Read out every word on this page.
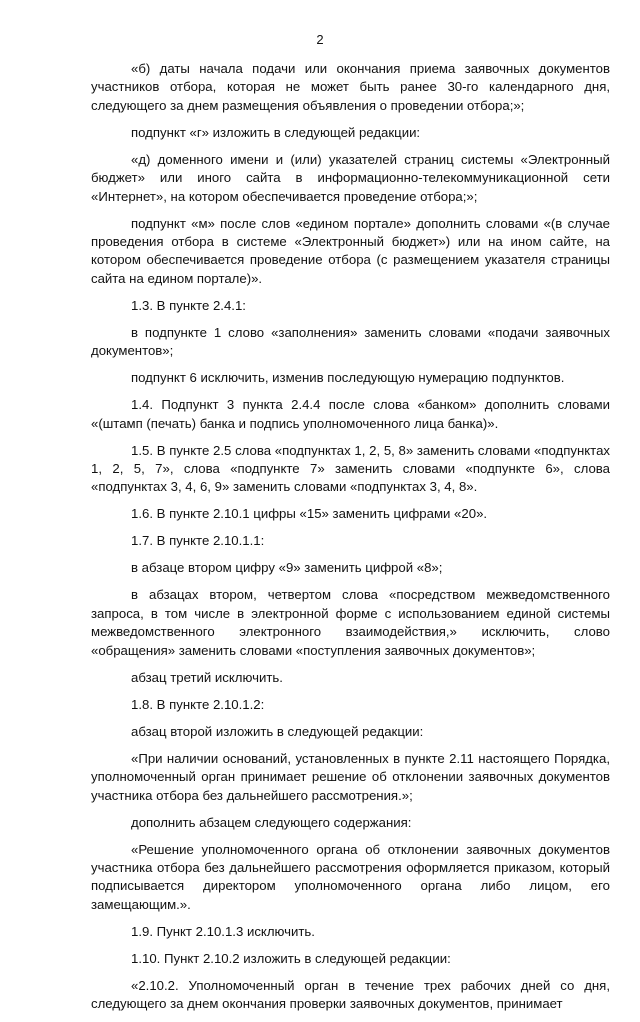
2

«б) даты начала подачи или окончания приема заявочных документов участников отбора, которая не может быть ранее 30-го календарного дня, следующего за днем размещения объявления о проведении отбора;»;

подпункт «г» изложить в следующей редакции:

«д) доменного имени и (или) указателей страниц системы «Электронный бюджет» или иного сайта в информационно-телекоммуникационной сети «Интернет», на котором обеспечивается проведение отбора;»;

подпункт «м» после слов «едином портале» дополнить словами «(в случае проведения отбора в системе «Электронный бюджет») или на ином сайте, на котором обеспечивается проведение отбора (с размещением указателя страницы сайта на едином портале)».

1.3. В пункте 2.4.1:

в подпункте 1 слово «заполнения» заменить словами «подачи заявочных документов»;

подпункт 6 исключить, изменив последующую нумерацию подпунктов.

1.4. Подпункт 3 пункта 2.4.4 после слова «банком» дополнить словами «(штамп (печать) банка и подпись уполномоченного лица банка)».

1.5. В пункте 2.5 слова «подпунктах 1, 2, 5, 8» заменить словами «подпунктах 1, 2, 5, 7», слова «подпункте 7» заменить словами «подпункте 6», слова «подпунктах 3, 4, 6, 9» заменить словами «подпунктах 3, 4, 8».

1.6. В пункте 2.10.1 цифры «15» заменить цифрами «20».

1.7. В пункте 2.10.1.1:

в абзаце втором цифру «9» заменить цифрой «8»;

в абзацах втором, четвертом слова «посредством межведомственного запроса, в том числе в электронной форме с использованием единой системы межведомственного электронного взаимодействия,» исключить, слово «обращения» заменить словами «поступления заявочных документов»;

абзац третий исключить.

1.8. В пункте 2.10.1.2:

абзац второй изложить в следующей редакции:

«При наличии оснований, установленных в пункте 2.11 настоящего Порядка, уполномоченный орган принимает решение об отклонении заявочных документов участника отбора без дальнейшего рассмотрения.»;

дополнить абзацем следующего содержания:

«Решение уполномоченного органа об отклонении заявочных документов участника отбора без дальнейшего рассмотрения оформляется приказом, который подписывается директором уполномоченного органа либо лицом, его замещающим.».

1.9. Пункт 2.10.1.3 исключить.

1.10. Пункт 2.10.2 изложить в следующей редакции:

«2.10.2. Уполномоченный орган в течение трех рабочих дней со дня, следующего за днем окончания проверки заявочных документов, принимает
